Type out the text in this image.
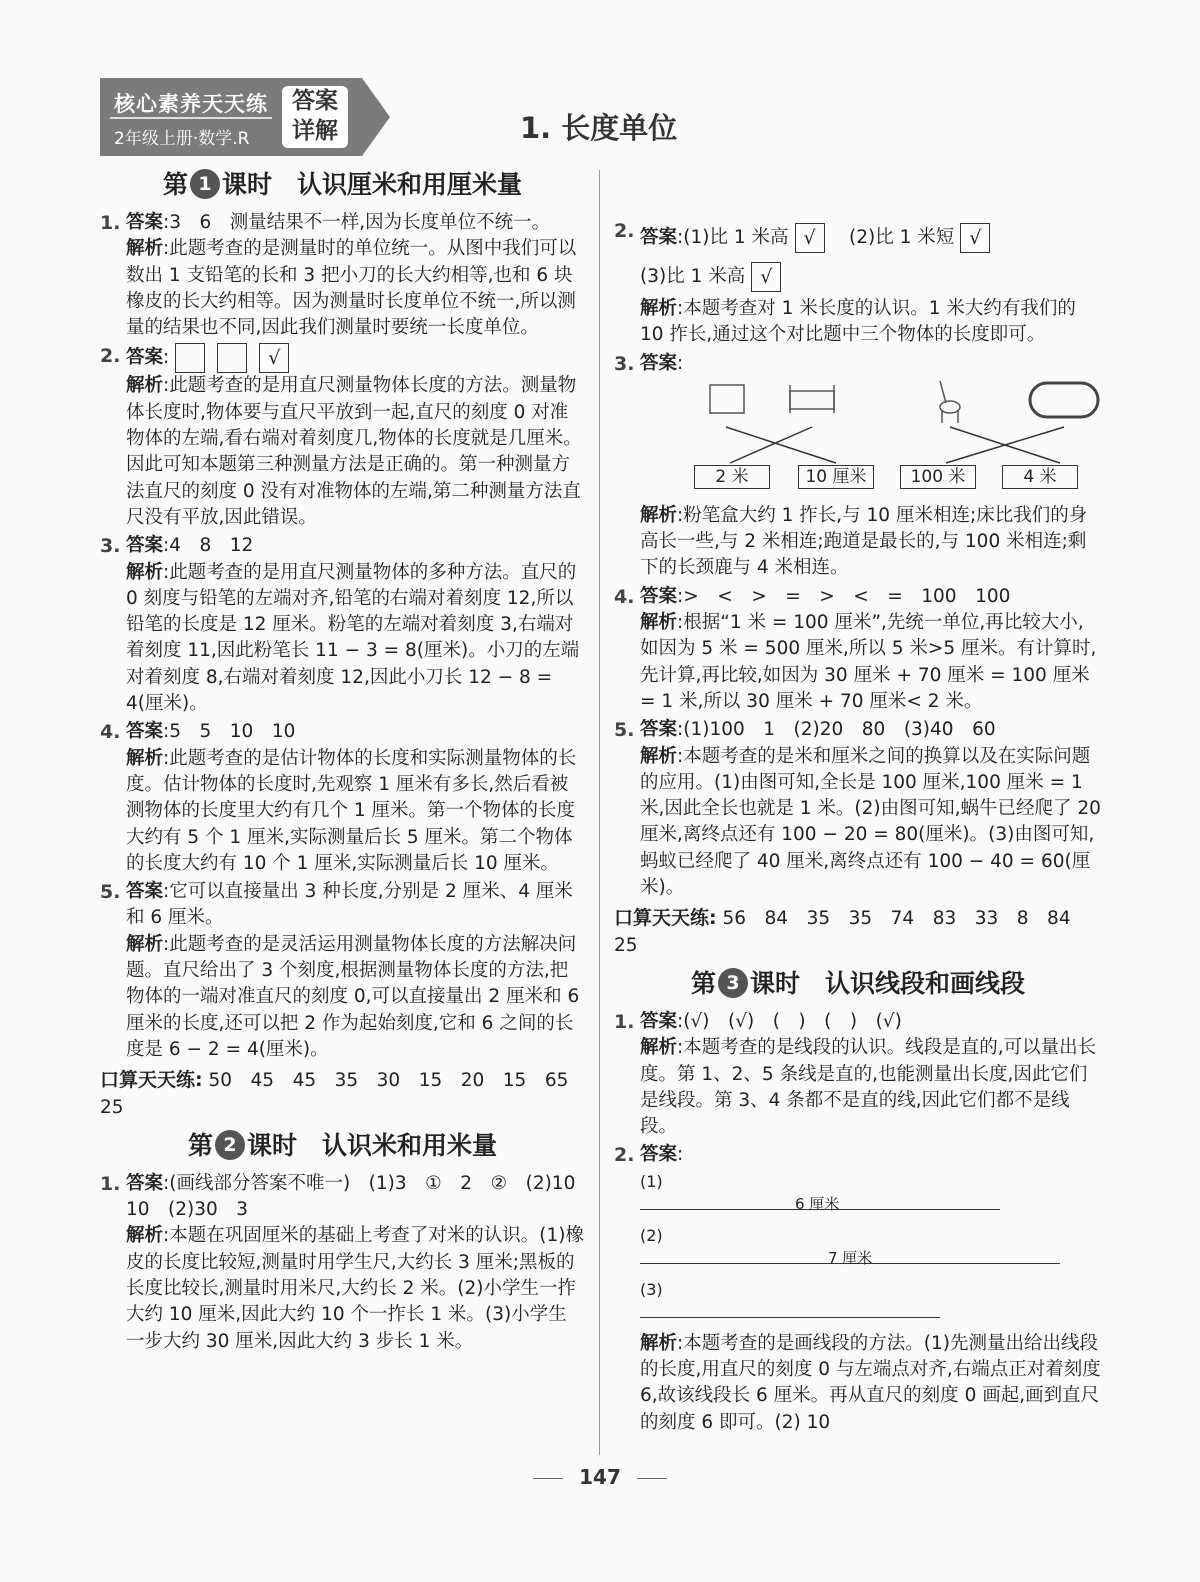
核心素养天天练
2年级上册·数学.R
答案
详解	1. 长度单位
第 1 课时　 认识厘米和用厘米量
1. 答案:3　6　测量结果不一样,因为长度单位不统一。

解析:此题考查的是测量时的单位统一。从图中我们可以数出 1 支铅笔的长和 3 把小刀的长大约相等,也和 6 块橡皮的长大约相等。因为测量时长度单位不统一,所以测量的结果也不同,因此我们测量时要统一长度单位。

2. 答案:	√

解析:此题考查的是用直尺测量物体长度的方法。测量物体长度时,物体要与直尺平放到一起,直尺的刻度 0 对准物体的左端,看右端对着刻度几,物体的长度就是几厘米。因此可知本题第三种测量方法是正确的。第一种测量方法直尺的刻度 0 没有对准物体的左端,第二种测量方法直尺没有平放,因此错误。

3. 答案:4　8　12

解析:此题考查的是用直尺测量物体的多种方法。直尺的 0 刻度与铅笔的左端对齐,铅笔的右端对着刻度 12,所以铅笔的长度是 12 厘米。粉笔的左端对着刻度 3,右端对着刻度 11,因此粉笔长 11 − 3 = 8(厘米)。小刀的左端对着刻度 8,右端对着刻度 12,因此小刀长 12 − 8 = 4(厘米)。

4. 答案:5　5　10　10

解析:此题考查的是估计物体的长度和实际测量物体的长度。估计物体的长度时,先观察 1 厘米有多长,然后看被测物体的长度里大约有几个 1 厘米。第一个物体的长度大约有 5 个 1 厘米,实际测量后长 5 厘米。第二个物体的长度大约有 10 个 1 厘米,实际测量后长 10 厘米。

5. 答案:它可以直接量出 3 种长度,分别是 2 厘米、4 厘米和 6 厘米。

解析:此题考查的是灵活运用测量物体长度的方法解决问题。直尺给出了 3 个刻度,根据测量物体长度的方法,把物体的一端对准直尺的刻度 0,可以直接量出 2 厘米和 6 厘米的长度,还可以把 2 作为起始刻度,它和 6 之间的长度是 6 − 2 = 4(厘米)。

口算天天练: 50　45　45　35　30　15　20　15　65　25

第 2 课时　 认识米和用米量
1. 答案:(画线部分答案不唯一)　(1)3　①　2　②　(2)10　10　(2)30　3

解析:本题在巩固厘米的基础上考查了对米的认识。(1)橡皮的长度比较短,测量时用学生尺,大约长 3 厘米;黑板的长度比较长,测量时用米尺,大约长 2 米。(2)小学生一拃大约 10 厘米,因此大约 10 个一拃长 1 米。(3)小学生一步大约 30 厘米,因此大约 3 步长 1 米。

2. 答案:(1)比 1 米高 √　 (2)比 1 米短 √

(3)比 1 米高 √

解析:本题考查对 1 米长度的认识。1 米大约有我们的 10 拃长,通过这个对比题中三个物体的长度即可。

3. 答案:

2 米	10 厘米	100 米	4 米

解析:粉笔盒大约 1 拃长,与 10 厘米相连;床比我们的身高长一些,与 2 米相连;跑道是最长的,与 100 米相连;剩下的长颈鹿与 4 米相连。

4. 答案:>　<　>　=　>　<　=　100　100

解析:根据“1 米 = 100 厘米”,先统一单位,再比较大小,如因为 5 米 = 500 厘米,所以 5 米>5 厘米。有计算时,先计算,再比较,如因为 30 厘米 + 70 厘米 = 100 厘米 = 1 米,所以 30 厘米 + 70 厘米< 2 米。

5. 答案:(1)100　1　(2)20　80　(3)40　60

解析:本题考查的是米和厘米之间的换算以及在实际问题的应用。(1)由图可知,全长是 100 厘米,100 厘米 = 1 米,因此全长也就是 1 米。(2)由图可知,蜗牛已经爬了 20 厘米,离终点还有 100 − 20 = 80(厘米)。(3)由图可知,蚂蚁已经爬了 40 厘米,离终点还有 100 − 40 = 60(厘米)。

口算天天练: 56　84　35　35　74　83　33　8　84　25

第 3 课时　 认识线段和画线段
1. 答案:(√)　(√)　(　)　(　)　(√)

解析:本题考查的是线段的认识。线段是直的,可以量出长度。第 1、2、5 条线是直的,也能测量出长度,因此它们是线段。第 3、4 条都不是直的线,因此它们都不是线段。

2. 答案:

(1)
6 厘米
(2)
7 厘米
(3)

解析:本题考查的是画线段的方法。(1)先测量出给出线段的长度,用直尺的刻度 0 与左端点对齐,右端点正对着刻度 6,故该线段长 6 厘米。再从直尺的刻度 0 画起,画到直尺的刻度 6 即可。(2) 10

147
